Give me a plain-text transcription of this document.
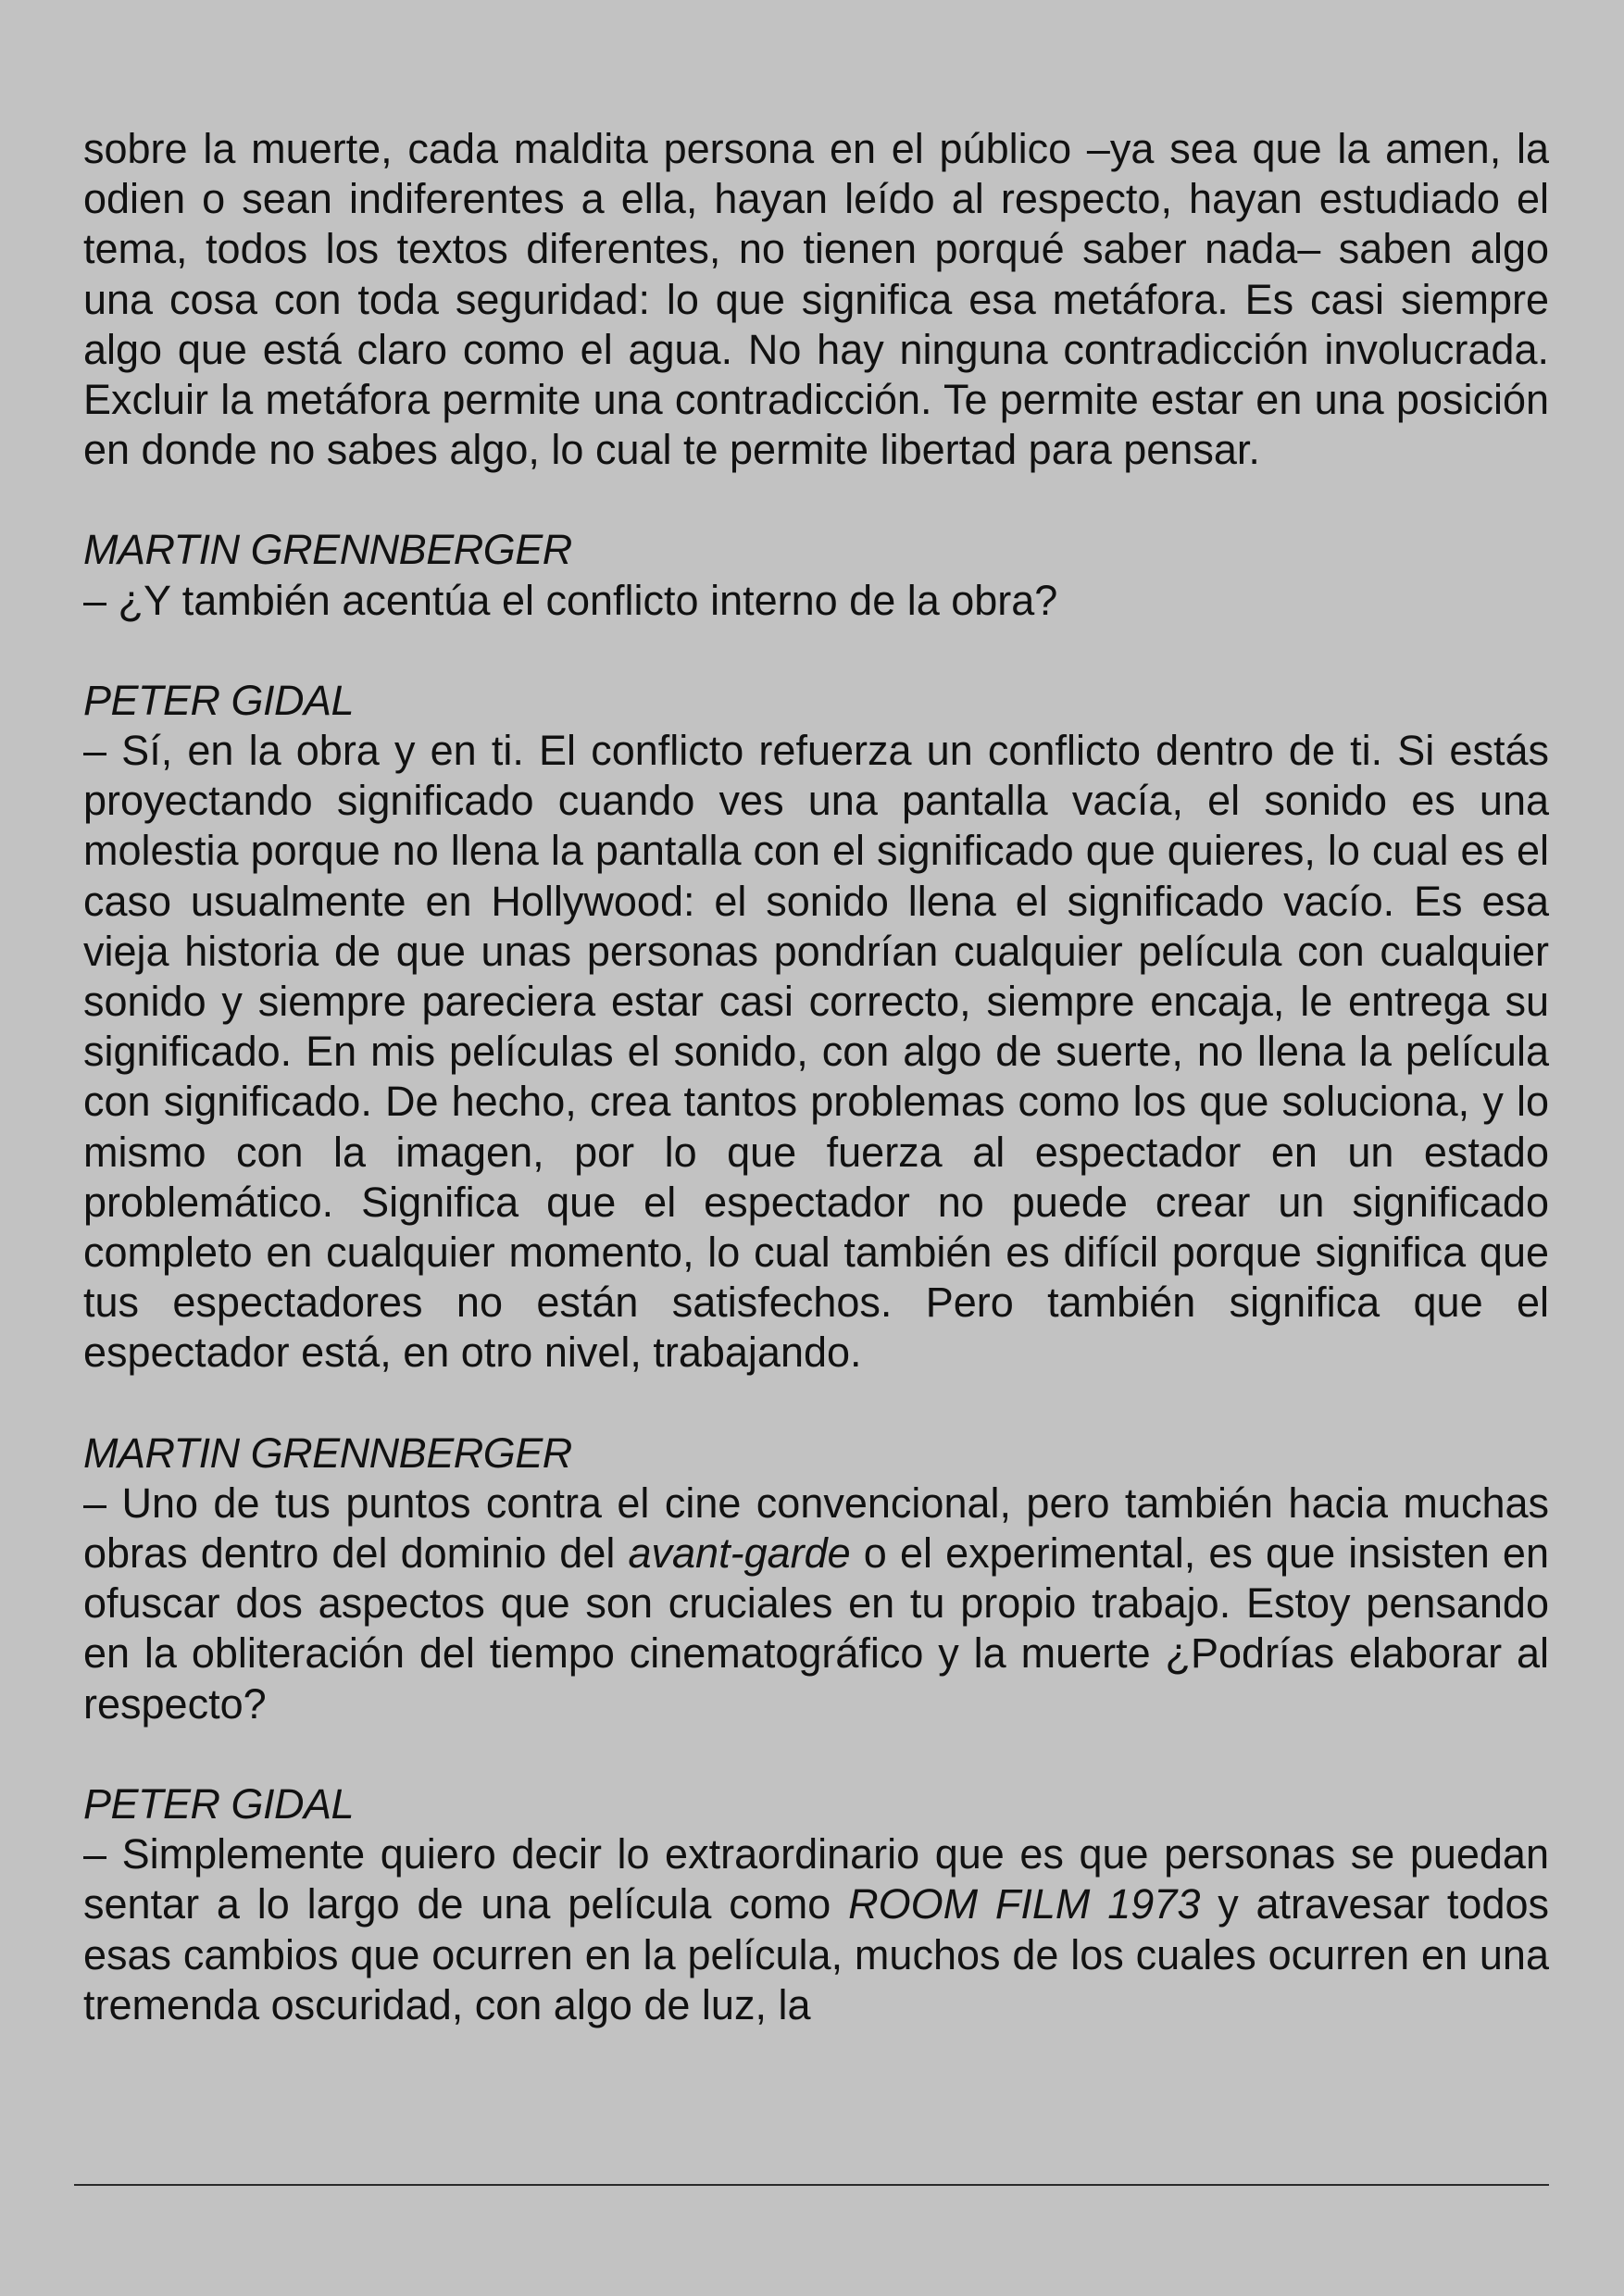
sobre la muerte, cada maldita persona en el público –ya sea que la amen, la odien o sean indiferentes a ella, hayan leído al respecto, hayan estudiado el tema, todos los textos diferentes, no tienen porqué saber nada– saben algo una cosa con toda seguridad: lo que significa esa metáfora. Es casi siempre algo que está claro como el agua. No hay ninguna contradicción involucrada. Excluir la metáfora permite una contradicción. Te permite estar en una posición en donde no sabes algo, lo cual te permite libertad para pensar.

MARTIN GRENNBERGER

– ¿Y también acentúa el conflicto interno de la obra?

PETER GIDAL

– Sí, en la obra y en ti. El conflicto refuerza un conflicto dentro de ti. Si estás proyectando significado cuando ves una pantalla vacía, el sonido es una molestia porque no llena la pantalla con el significado que quieres, lo cual es el caso usualmente en Hollywood: el sonido llena el significado vacío. Es esa vieja historia de que unas personas pondrían cualquier película con cualquier sonido y siempre pareciera estar casi correcto, siempre encaja, le entrega su significado. En mis películas el sonido, con algo de suerte, no llena la película con significado. De hecho, crea tantos problemas como los que soluciona, y lo mismo con la imagen, por lo que fuerza al espectador en un estado problemático. Significa que el espectador no puede crear un significado completo en cualquier momento, lo cual también es difícil porque significa que tus espectadores no están satisfechos. Pero también significa que el espectador está, en otro nivel, trabajando.

MARTIN GRENNBERGER

– Uno de tus puntos contra el cine convencional, pero también hacia muchas obras dentro del dominio del avant-garde o el experimental, es que insisten en ofuscar dos aspectos que son cruciales en tu propio trabajo. Estoy pensando en la obliteración del tiempo cinematográfico y la muerte ¿Podrías elaborar al respecto?

PETER GIDAL

– Simplemente quiero decir lo extraordinario que es que personas se puedan sentar a lo largo de una película como ROOM FILM 1973 y atravesar todos esas cambios que ocurren en la película, muchos de los cuales ocurren en una tremenda oscuridad, con algo de luz, la
